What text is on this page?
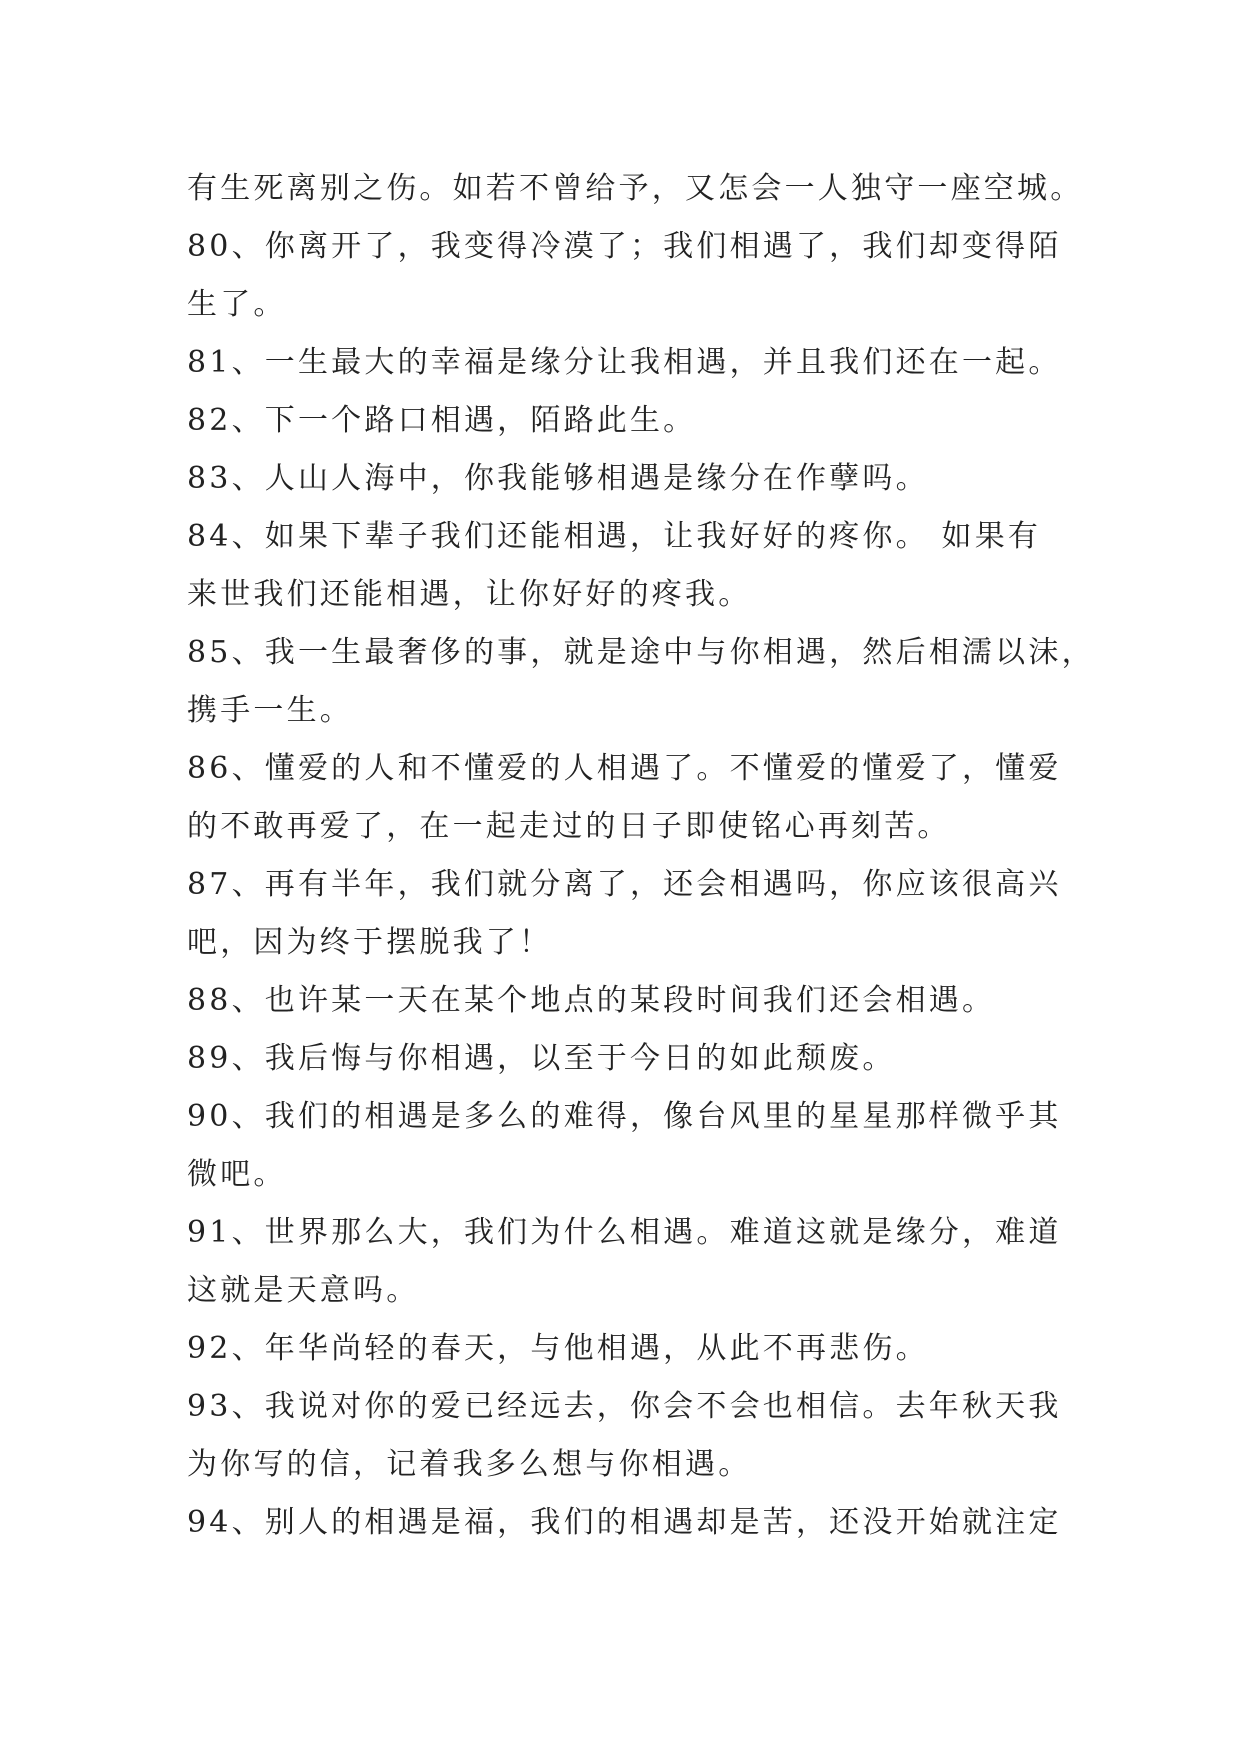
有生死离别之伤。如若不曾给予，又怎会一人独守一座空城。
80、你离开了，我变得冷漠了；我们相遇了，我们却变得陌
生了。
81、一生最大的幸福是缘分让我相遇，并且我们还在一起。
82、下一个路口相遇，陌路此生。
83、人山人海中，你我能够相遇是缘分在作孽吗。
84、如果下辈子我们还能相遇，让我好好的疼你。 如果有
来世我们还能相遇，让你好好的疼我。
85、我一生最奢侈的事，就是途中与你相遇，然后相濡以沫，
携手一生。
86、懂爱的人和不懂爱的人相遇了。不懂爱的懂爱了，懂爱
的不敢再爱了，在一起走过的日子即使铭心再刻苦。
87、再有半年，我们就分离了，还会相遇吗，你应该很高兴
吧，因为终于摆脱我了！
88、也许某一天在某个地点的某段时间我们还会相遇。
89、我后悔与你相遇，以至于今日的如此颓废。
90、我们的相遇是多么的难得，像台风里的星星那样微乎其
微吧。
91、世界那么大，我们为什么相遇。难道这就是缘分，难道
这就是天意吗。
92、年华尚轻的春天，与他相遇，从此不再悲伤。
93、我说对你的爱已经远去，你会不会也相信。去年秋天我
为你写的信，记着我多么想与你相遇。
94、别人的相遇是福，我们的相遇却是苦，还没开始就注定
